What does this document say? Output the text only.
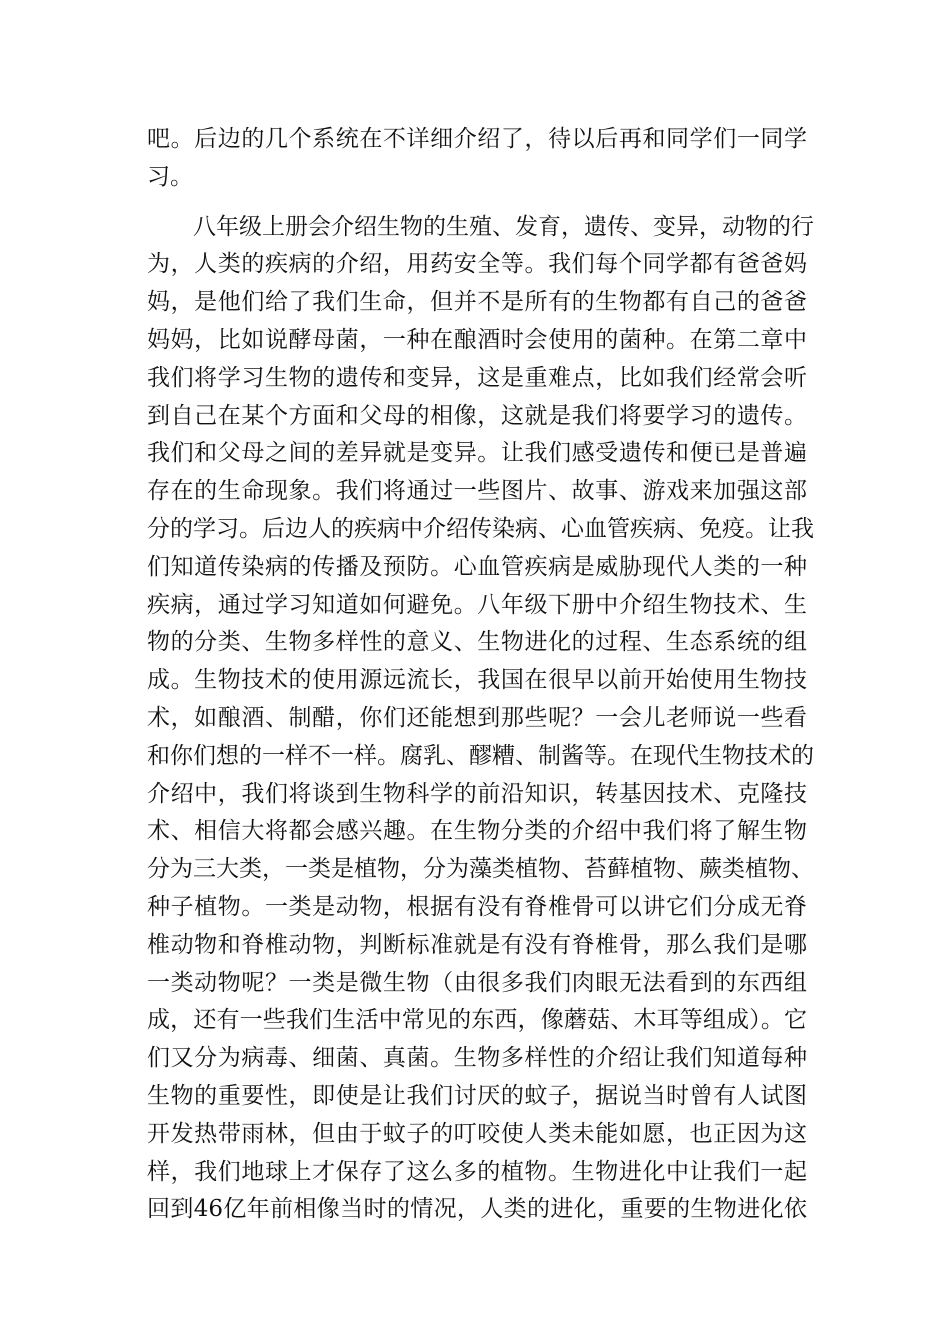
吧。后边的几个系统在不详细介绍了，待以后再和同学们一同学
习。
八年级上册会介绍生物的生殖、发育，遗传、变异，动物的行
为，人类的疾病的介绍，用药安全等。我们每个同学都有爸爸妈
妈，是他们给了我们生命，但并不是所有的生物都有自己的爸爸
妈妈，比如说酵母菌，一种在酿酒时会使用的菌种。在第二章中
我们将学习生物的遗传和变异，这是重难点，比如我们经常会听
到自己在某个方面和父母的相像，这就是我们将要学习的遗传。
我们和父母之间的差异就是变异。让我们感受遗传和便已是普遍
存在的生命现象。我们将通过一些图片、故事、游戏来加强这部
分的学习。后边人的疾病中介绍传染病、心血管疾病、免疫。让我
们知道传染病的传播及预防。心血管疾病是威胁现代人类的一种
疾病，通过学习知道如何避免。八年级下册中介绍生物技术、生
物的分类、生物多样性的意义、生物进化的过程、生态系统的组
成。生物技术的使用源远流长，我国在很早以前开始使用生物技
术，如酿酒、制醋，你们还能想到那些呢？一会儿老师说一些看
和你们想的一样不一样。腐乳、醪糟、制酱等。在现代生物技术的
介绍中，我们将谈到生物科学的前沿知识，转基因技术、克隆技
术、相信大将都会感兴趣。在生物分类的介绍中我们将了解生物
分为三大类，一类是植物，分为藻类植物、苔藓植物、蕨类植物、
种子植物。一类是动物，根据有没有脊椎骨可以讲它们分成无脊
椎动物和脊椎动物，判断标准就是有没有脊椎骨，那么我们是哪
一类动物呢？一类是微生物（由很多我们肉眼无法看到的东西组
成，还有一些我们生活中常见的东西，像蘑菇、木耳等组成）。它
们又分为病毒、细菌、真菌。生物多样性的介绍让我们知道每种
生物的重要性，即使是让我们讨厌的蚊子，据说当时曾有人试图
开发热带雨林，但由于蚊子的叮咬使人类未能如愿，也正因为这
样，我们地球上才保存了这么多的植物。生物进化中让我们一起
回到46亿年前相像当时的情况，人类的进化，重要的生物进化依
